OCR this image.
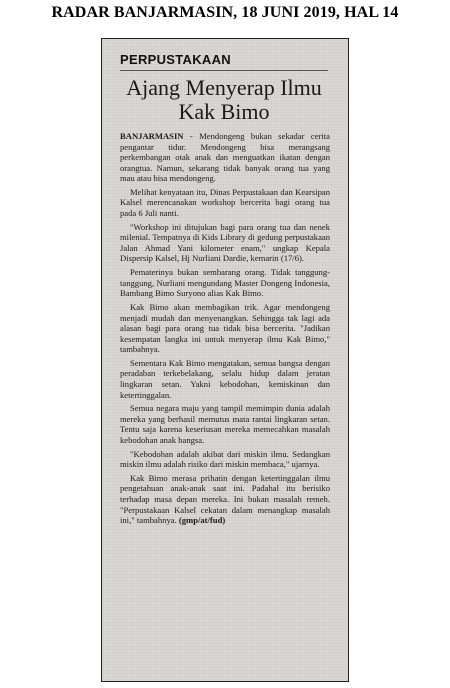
RADAR BANJARMASIN, 18 JUNI 2019, HAL 14
PERPUSTAKAAN
Ajang Menyerap Ilmu Kak Bimo

BANJARMASIN - Mendongeng bukan sekadar cerita pengantar tidur. Mendongeng bisa merangsang perkembangan otak anak dan menguatkan ikatan dengan orangtua. Namun, sekarang tidak banyak orang tua yang mau atau bisa mendongeng.

Melihat kenyataan itu, Dinas Perpustakaan dan Kearsipan Kalsel merencanakan workshop bercerita bagi orang tua pada 6 Juli nanti.

"Workshop ini ditujukan bagi para orang tua dan nenek milenial. Tempatnya di Kids Library di gedung perpustakaan Jalan Ahmad Yani kilometer enam," ungkap Kepala Dispersip Kalsel, Hj Nurliani Dardie, kemarin (17/6).

Pematerinya bukan sembarang orang. Tidak tanggung-tanggung, Nurliani mengundang Master Dongeng Indonesia, Bambang Bimo Suryono alias Kak Bimo.

Kak Bimo akan membagikan trik. Agar mendongeng menjadi mudah dan menyenangkan. Sehingga tak lagi ada alasan bagi para orang tua tidak bisa bercerita. "Jadikan kesempatan langka ini untuk menyerap ilmu Kak Bimo," tambahnya.

Sementara Kak Bimo mengatakan, semua bangsa dengan peradaban terkebelakang, selalu hidup dalam jeratan lingkaran setan. Yakni kebodohan, kemiskinan dan ketertinggalan.

Semua negara maju yang tampil memimpin dunia adalah mereka yang berhasil memutus mata rantai lingkaran setan. Tentu saja karena keseriusan mereka memecahkan masalah kebodohan anak bangsa.

"Kebodohan adalah akibat dari miskin ilmu. Sedangkan miskin ilmu adalah risiko dari miskin membaca," ujarnya.

Kak Bimo merasa prihatin dengan ketertinggalan ilmu pengetahuan anak-anak saat ini. Padahal itu berisiko terhadap masa depan mereka. Ini bukan masalah remeh. "Perpustakaan Kalsel cekatan dalam menangkap masalah ini," tambahnya. (gmp/at/fud)
